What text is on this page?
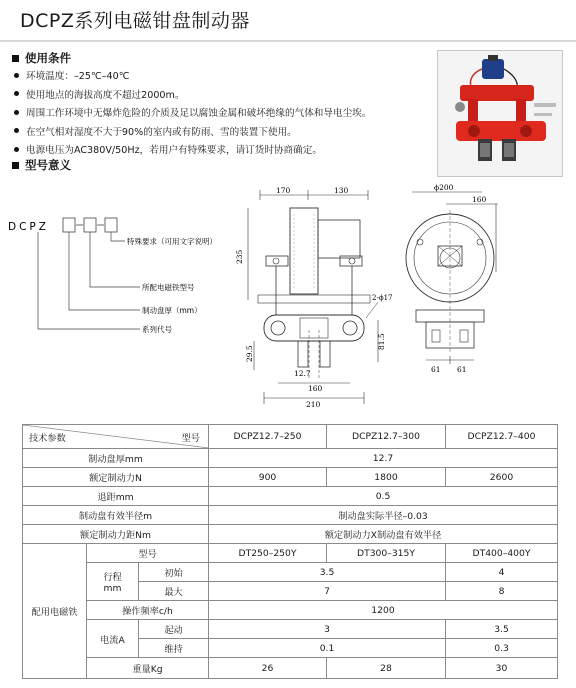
DCPZ系列电磁钳盘制动器
使用条件
环境温度：–25℃–40℃
使用地点的海拔高度不超过2000m。
周围工作环境中无爆炸危险的介质及足以腐蚀金属和破坏绝缘的气体和导电尘埃。
在空气相对湿度不大于90%的室内或有防雨、雪的装置下使用。
电源电压为AC380V/50Hz，若用户有特殊要求，请订货时协商确定。
型号意义
DCPZ
特殊要求（可用文字说明）
所配电磁铁型号
制动盘厚（mm）
系列代号
170	130
235
29.5
12.7
160
210
2-ϕ17
81.5
ϕ200
160
61 61
技术参数 型号			DCPZ12.7–250	DCPZ12.7–300	DCPZ12.7–400
制动盘厚mm			12.7		
额定制动力N			900	1800	2600
退距mm			0.5		
制动盘有效半径m			制动盘实际半径–0.03		
额定制动力距Nm			额定制动力X制动盘有效半径		
配用电磁铁	型号		DT250–250Y	DT300–315Y	DT400–400Y

	行程
mm	初始	3.5		4
		最大	7		8
	操作频率c/h		1200		
	电流A	起动	3		3.5
		维持	0.1		0.3
	重量Kg		26	28	30
